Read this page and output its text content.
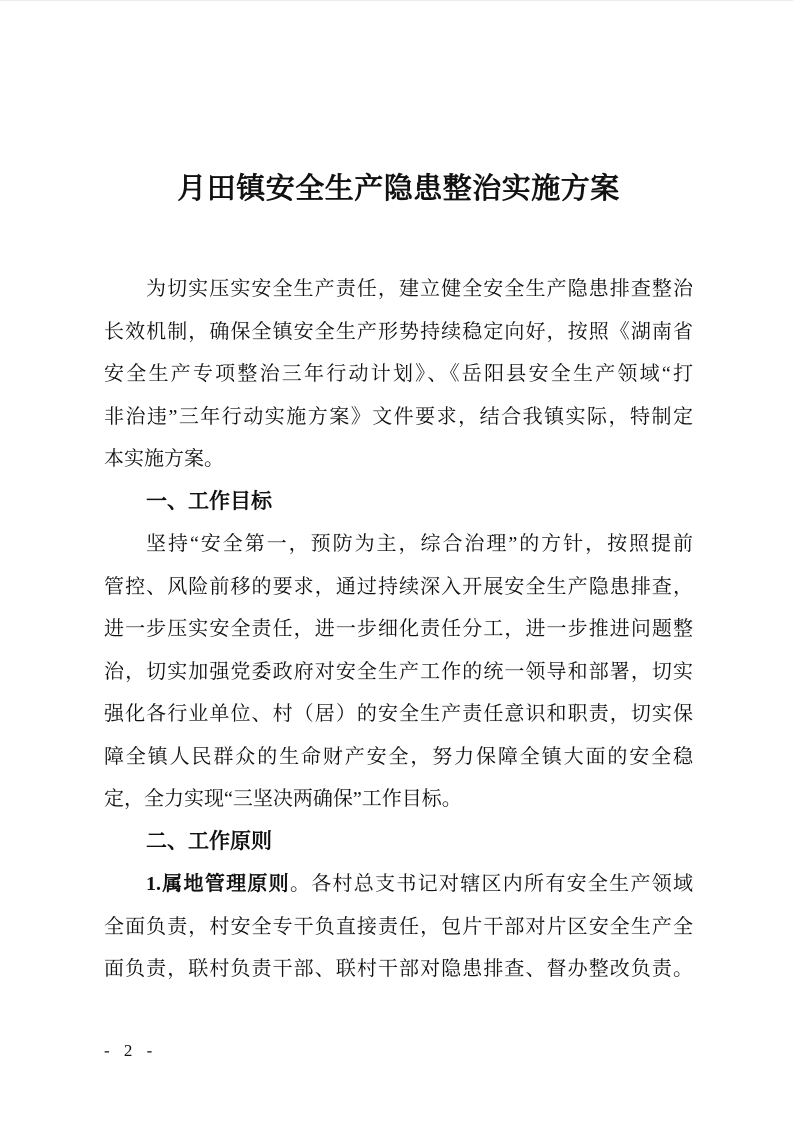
月田镇安全生产隐患整治实施方案
为切实压实安全生产责任，建立健全安全生产隐患排查整治
长效机制，确保全镇安全生产形势持续稳定向好，按照《湖南省
安全生产专项整治三年行动计划》、《岳阳县安全生产领域“打
非治违”三年行动实施方案》文件要求，结合我镇实际，特制定
本实施方案。
一、工作目标
坚持“安全第一，预防为主，综合治理”的方针，按照提前
管控、风险前移的要求，通过持续深入开展安全生产隐患排查，
进一步压实安全责任，进一步细化责任分工，进一步推进问题整
治，切实加强党委政府对安全生产工作的统一领导和部署，切实
强化各行业单位、村（居）的安全生产责任意识和职责，切实保
障全镇人民群众的生命财产安全，努力保障全镇大面的安全稳
定，全力实现“三坚决两确保”工作目标。
二、工作原则
1.属地管理原则。各村总支书记对辖区内所有安全生产领域
全面负责，村安全专干负直接责任，包片干部对片区安全生产全
面负责，联村负责干部、联村干部对隐患排查、督办整改负责。
- 2 -
